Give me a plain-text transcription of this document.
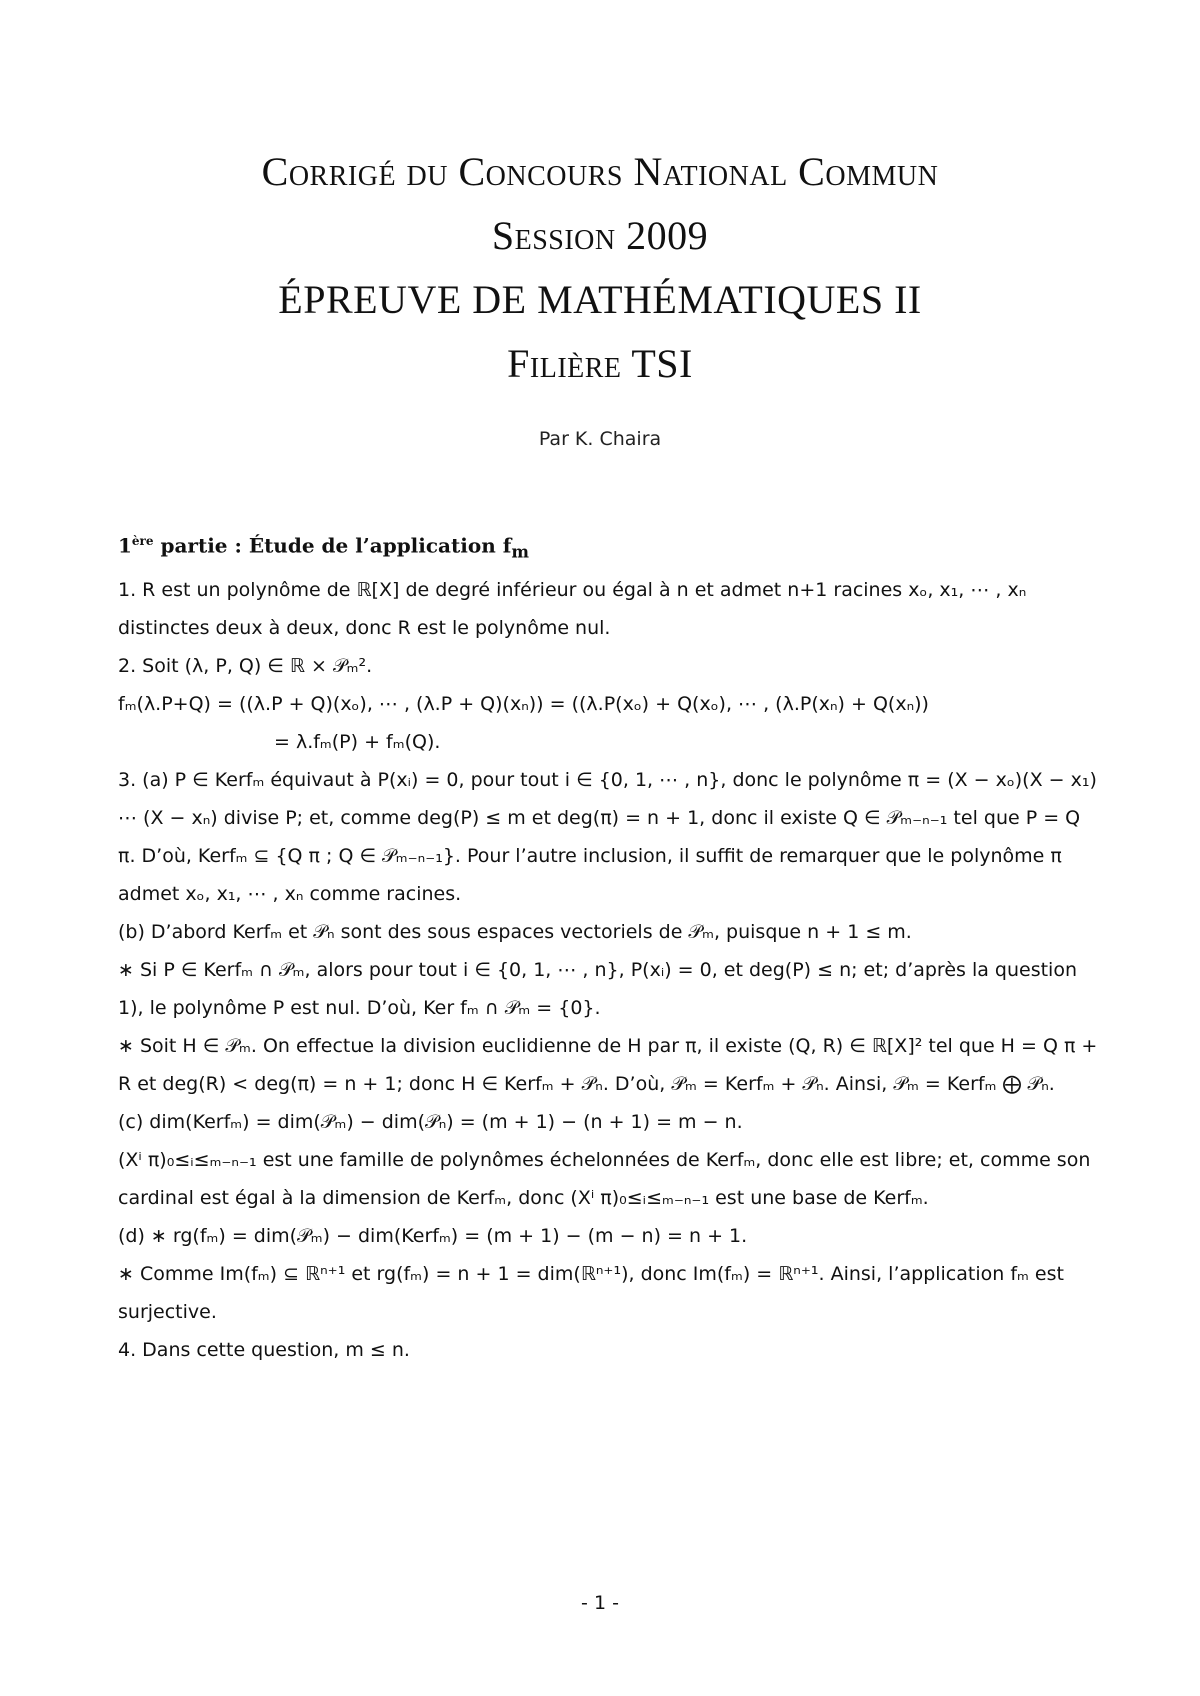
Corrigé du Concours National Commun
Session 2009
ÉPREUVE DE MATHÉMATIQUES II
Filière TSI
Par K. Chaira

1ère partie : Étude de l’application $f_m$

1. R est un polynôme de ℝ[X] de degré inférieur ou égal à n et admet n+1 racines xₒ, x₁, ⋯ , xₙ distinctes deux à deux, donc R est le polynôme nul.

2. Soit (λ, P, Q) ∈ ℝ × 𝒫ₘ².

fₘ(λ.P+Q) = ((λ.P + Q)(xₒ), ⋯ , (λ.P + Q)(xₙ)) = ((λ.P(xₒ) + Q(xₒ), ⋯ , (λ.P(xₙ) + Q(xₙ))

= λ.fₘ(P) + fₘ(Q).

3. (a) P ∈ Kerfₘ équivaut à P(xᵢ) = 0, pour tout i ∈ {0, 1, ⋯ , n}, donc le polynôme π = (X − xₒ)(X − x₁) ⋯ (X − xₙ) divise P; et, comme deg(P) ≤ m et deg(π) = n + 1, donc il existe Q ∈ 𝒫ₘ₋ₙ₋₁ tel que P = Q π. D’où, Kerfₘ ⊆ {Q π ; Q ∈ 𝒫ₘ₋ₙ₋₁}. Pour l’autre inclusion, il suffit de remarquer que le polynôme π admet xₒ, x₁, ⋯ , xₙ comme racines.

(b) D’abord Kerfₘ et 𝒫ₙ sont des sous espaces vectoriels de 𝒫ₘ, puisque n + 1 ≤ m.

∗ Si P ∈ Kerfₘ ∩ 𝒫ₘ, alors pour tout i ∈ {0, 1, ⋯ , n}, P(xᵢ) = 0, et deg(P) ≤ n; et; d’après la question 1), le polynôme P est nul. D’où, Ker fₘ ∩ 𝒫ₘ = {0}.

∗ Soit H ∈ 𝒫ₘ. On effectue la division euclidienne de H par π, il existe (Q, R) ∈ ℝ[X]² tel que H = Q π + R et deg(R) < deg(π) = n + 1; donc H ∈ Kerfₘ + 𝒫ₙ. D’où, 𝒫ₘ = Kerfₘ + 𝒫ₙ. Ainsi, 𝒫ₘ = Kerfₘ ⨁ 𝒫ₙ.

(c) dim(Kerfₘ) = dim(𝒫ₘ) − dim(𝒫ₙ) = (m + 1) − (n + 1) = m − n.

(Xⁱ π)₀≤ᵢ≤ₘ₋ₙ₋₁ est une famille de polynômes échelonnées de Kerfₘ, donc elle est libre; et, comme son cardinal est égal à la dimension de Kerfₘ, donc (Xⁱ π)₀≤ᵢ≤ₘ₋ₙ₋₁ est une base de Kerfₘ.

(d) ∗ rg(fₘ) = dim(𝒫ₘ) − dim(Kerfₘ) = (m + 1) − (m − n) = n + 1.

∗ Comme Im(fₘ) ⊆ ℝⁿ⁺¹ et rg(fₘ) = n + 1 = dim(ℝⁿ⁺¹), donc Im(fₘ) = ℝⁿ⁺¹. Ainsi, l’application fₘ est surjective.

4. Dans cette question, m ≤ n.

- 1 -
